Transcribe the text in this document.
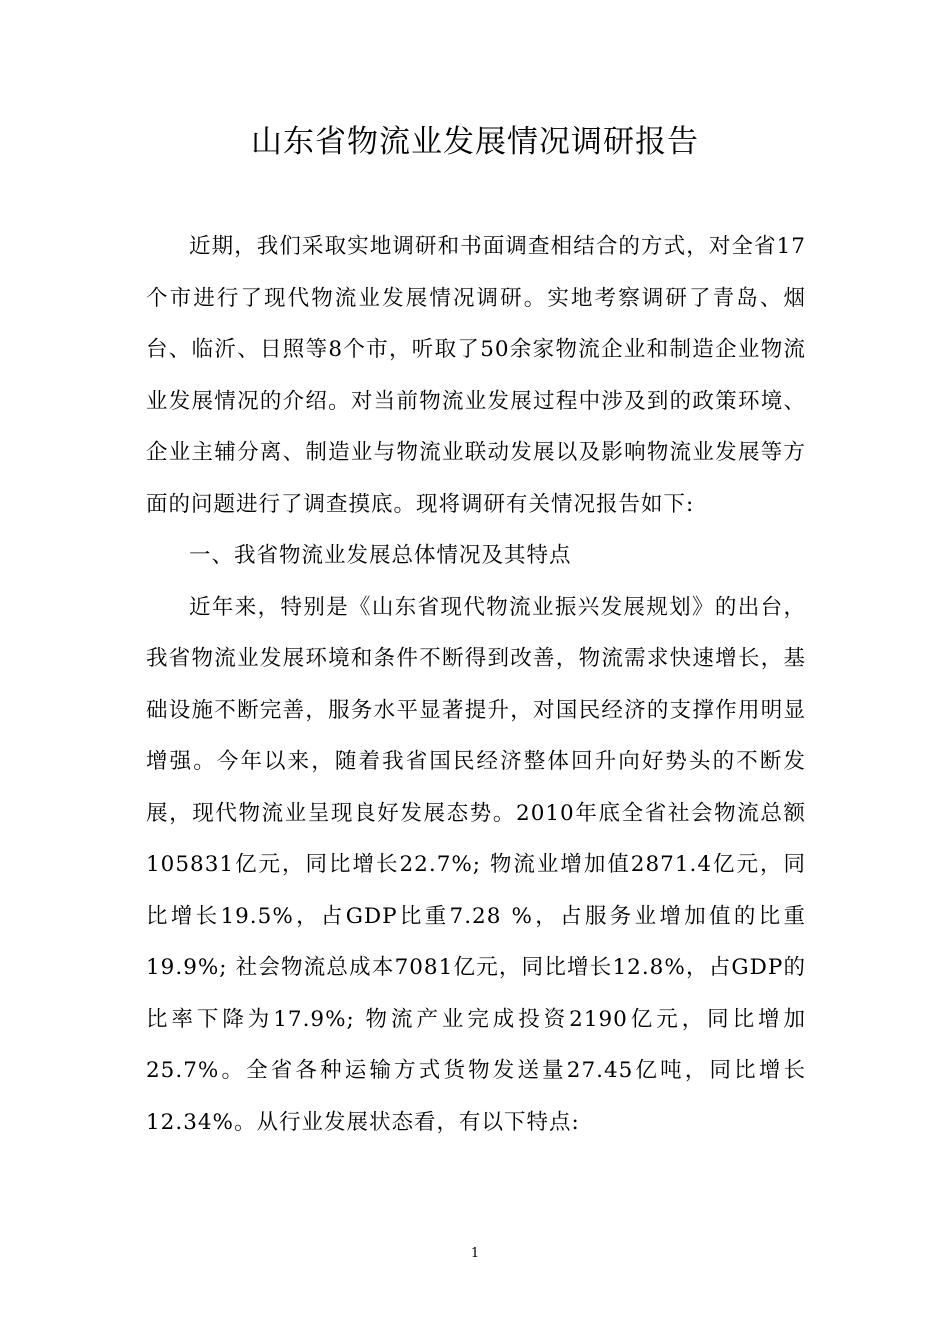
山东省物流业发展情况调研报告

近期，我们采取实地调研和书面调查相结合的方式，对全省17个市进行了现代物流业发展情况调研。实地考察调研了青岛、烟台、临沂、日照等8个市，听取了50余家物流企业和制造企业物流业发展情况的介绍。对当前物流业发展过程中涉及到的政策环境、企业主辅分离、制造业与物流业联动发展以及影响物流业发展等方面的问题进行了调查摸底。现将调研有关情况报告如下:

一、我省物流业发展总体情况及其特点

近年来，特别是《山东省现代物流业振兴发展规划》的出台，我省物流业发展环境和条件不断得到改善，物流需求快速增长，基础设施不断完善，服务水平显著提升，对国民经济的支撑作用明显增强。今年以来，随着我省国民经济整体回升向好势头的不断发展，现代物流业呈现良好发展态势。2010年底全省社会物流总额105831亿元，同比增长22.7%; 物流业增加值2871.4亿元，同比增长19.5%，占GDP比重7.28 %，占服务业增加值的比重19.9%; 社会物流总成本7081亿元，同比增长12.8%，占GDP的比率下降为17.9%; 物流产业完成投资2190亿元，同比增加25.7%。全省各种运输方式货物发送量27.45亿吨，同比增长12.34%。从行业发展状态看，有以下特点:

1
